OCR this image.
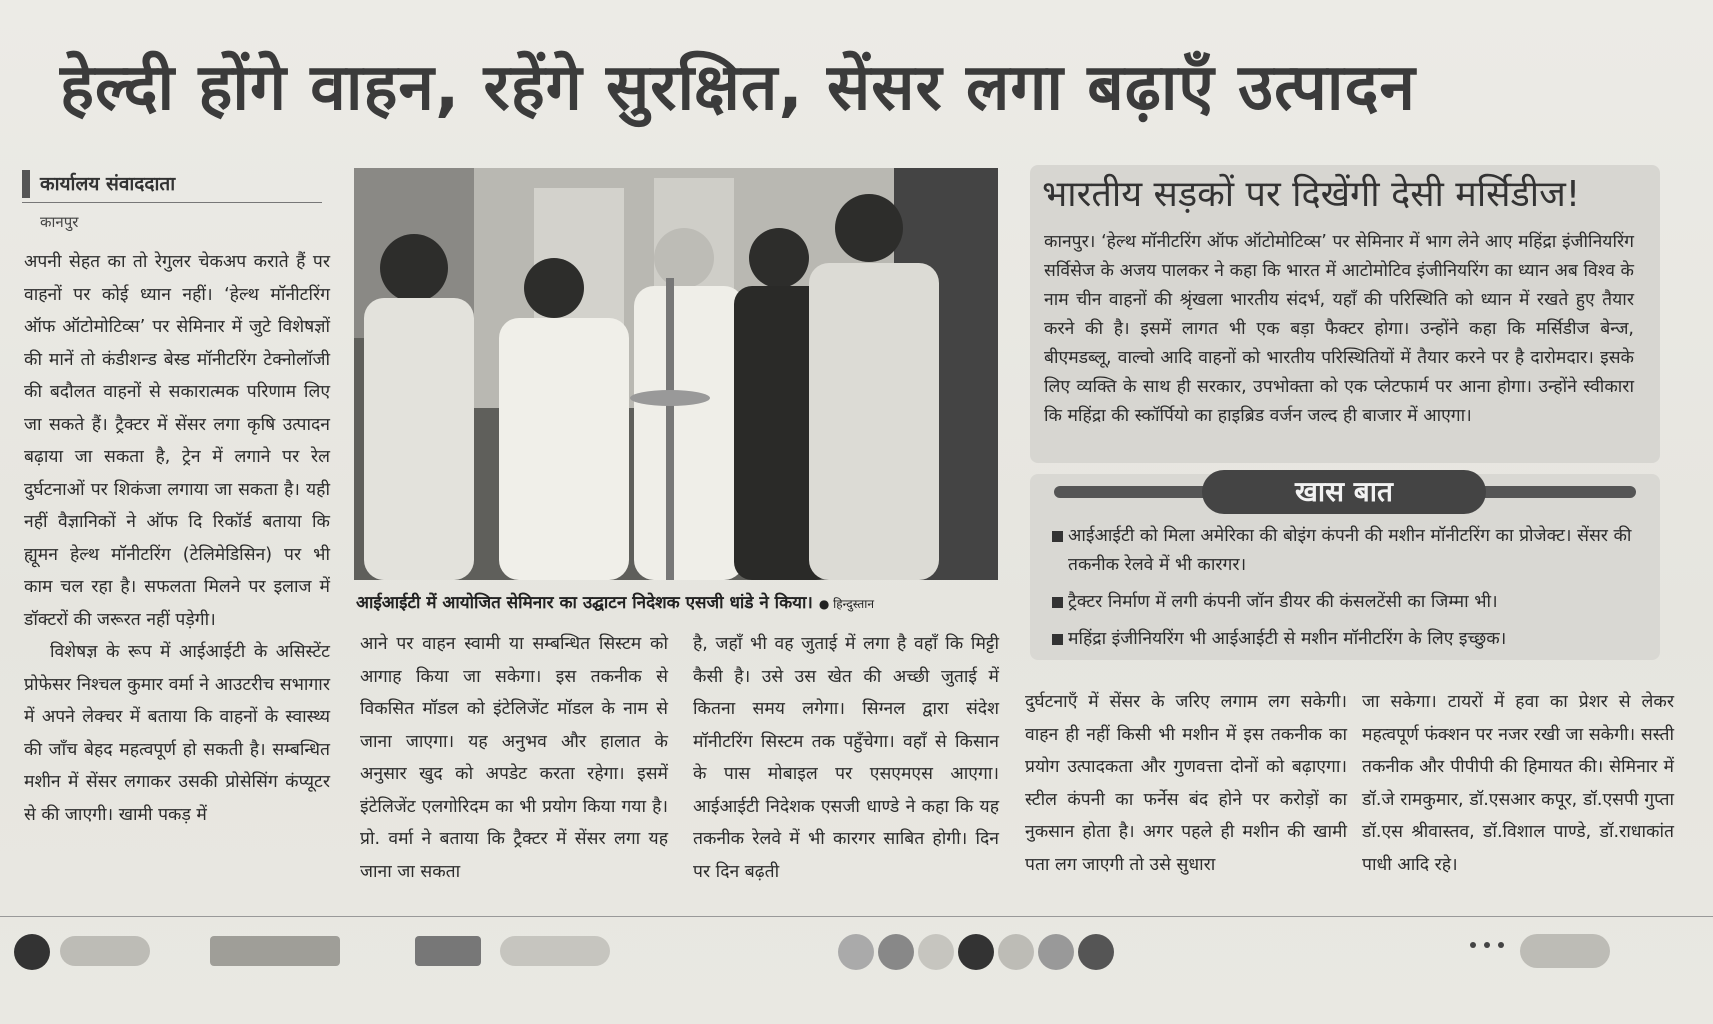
हेल्दी होंगे वाहन, रहेंगे सुरक्षित, सेंसर लगा बढ़ाएँ उत्पादन
कार्यालय संवाददाता
कानपुर

अपनी सेहत का तो रेगुलर चेकअप कराते हैं पर वाहनों पर कोई ध्यान नहीं। ‘हेल्थ मॉनीटरिंग ऑफ ऑटोमोटिव्स’ पर सेमिनार में जुटे विशेषज्ञों की मानें तो कंडीशन्ड बेस्ड मॉनीटरिंग टेक्नोलॉजी की बदौलत वाहनों से सकारात्मक परिणाम लिए जा सकते हैं। ट्रैक्टर में सेंसर लगा कृषि उत्पादन बढ़ाया जा सकता है, ट्रेन में लगाने पर रेल दुर्घटनाओं पर शिकंजा लगाया जा सकता है। यही नहीं वैज्ञानिकों ने ऑफ दि रिकॉर्ड बताया कि ह्यूमन हेल्थ मॉनीटरिंग (टेलिमेडिसिन) पर भी काम चल रहा है। सफलता मिलने पर इलाज में डॉक्टरों की जरूरत नहीं पड़ेगी।

विशेषज्ञ के रूप में आईआईटी के असिस्टेंट प्रोफेसर निश्चल कुमार वर्मा ने आउटरीच सभागार में अपने लेक्चर में बताया कि वाहनों के स्वास्थ्य की जाँच बेहद महत्वपूर्ण हो सकती है। सम्बन्धित मशीन में सेंसर लगाकर उसकी प्रोसेसिंग कंप्यूटर से की जाएगी। खामी पकड़ में

आईआईटी में आयोजित सेमिनार का उद्घाटन निदेशक एसजी धांडे ने किया। ● हिन्दुस्तान

आने पर वाहन स्वामी या सम्बन्धित सिस्टम को आगाह किया जा सकेगा। इस तकनीक से विकसित मॉडल को इंटेलिजेंट मॉडल के नाम से जाना जाएगा। यह अनुभव और हालात के अनुसार खुद को अपडेट करता रहेगा। इसमें इंटेलिजेंट एलगोरिदम का भी प्रयोग किया गया है। प्रो. वर्मा ने बताया कि ट्रैक्टर में सेंसर लगा यह जाना जा सकता

है, जहाँ भी वह जुताई में लगा है वहाँ कि मिट्टी कैसी है। उसे उस खेत की अच्छी जुताई में कितना समय लगेगा। सिग्नल द्वारा संदेश मॉनीटरिंग सिस्टम तक पहुँचेगा। वहाँ से किसान के पास मोबाइल पर एसएमएस आएगा। आईआईटी निदेशक एसजी धाण्डे ने कहा कि यह तकनीक रेलवे में भी कारगर साबित होगी। दिन पर दिन बढ़ती

भारतीय सड़कों पर दिखेंगी देसी मर्सिडीज!
कानपुर। ‘हेल्थ मॉनीटरिंग ऑफ ऑटोमोटिव्स’ पर सेमिनार में भाग लेने आए महिंद्रा इंजीनियरिंग सर्विसेज के अजय पालकर ने कहा कि भारत में आटोमोटिव इंजीनियरिंग का ध्यान अब विश्व के नाम चीन वाहनों की श्रृंखला भारतीय संदर्भ, यहाँ की परिस्थिति को ध्यान में रखते हुए तैयार करने की है। इसमें लागत भी एक बड़ा फैक्टर होगा। उन्होंने कहा कि मर्सिडीज बेन्ज, बीएमडब्लू, वाल्वो आदि वाहनों को भारतीय परिस्थितियों में तैयार करने पर है दारोमदार। इसके लिए व्यक्ति के साथ ही सरकार, उपभोक्ता को एक प्लेटफार्म पर आना होगा। उन्होंने स्वीकारा कि महिंद्रा की स्कॉर्पियो का हाइब्रिड वर्जन जल्द ही बाजार में आएगा।
खास बात
आईआईटी को मिला अमेरिका की बोइंग कंपनी की मशीन मॉनीटरिंग का प्रोजेक्ट। सेंसर की तकनीक रेलवे में भी कारगर।
ट्रैक्टर निर्माण में लगी कंपनी जॉन डीयर की कंसलटेंसी का जिम्मा भी।
महिंद्रा इंजीनियरिंग भी आईआईटी से मशीन मॉनीटरिंग के लिए इच्छुक।

दुर्घटनाएँ में सेंसर के जरिए लगाम लग सकेगी। वाहन ही नहीं किसी भी मशीन में इस तकनीक का प्रयोग उत्पादकता और गुणवत्ता दोनों को बढ़ाएगा। स्टील कंपनी का फर्नेस बंद होने पर करोड़ों का नुकसान होता है। अगर पहले ही मशीन की खामी पता लग जाएगी तो उसे सुधारा

जा सकेगा। टायरों में हवा का प्रेशर से लेकर महत्वपूर्ण फंक्शन पर नजर रखी जा सकेगी। सस्ती तकनीक और पीपीपी की हिमायत की। सेमिनार में डॉ.जे रामकुमार, डॉ.एसआर कपूर, डॉ.एसपी गुप्ता डॉ.एस श्रीवास्तव, डॉ.विशाल पाण्डे, डॉ.राधाकांत पाधी आदि रहे।
